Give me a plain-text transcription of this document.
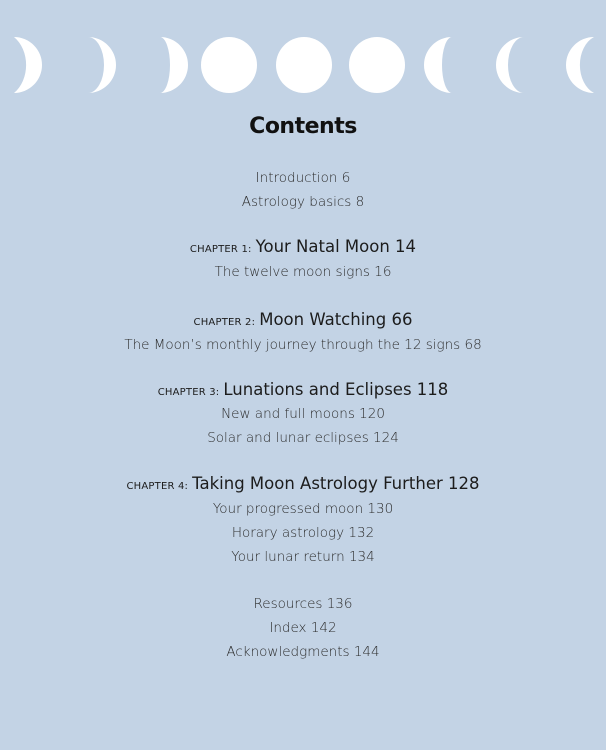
Contents
Introduction 6
Astrology basics 8
CHAPTER 1: Your Natal Moon 14
The twelve moon signs 16
CHAPTER 2: Moon Watching 66
The Moon’s monthly journey through the 12 signs 68
CHAPTER 3: Lunations and Eclipses 118
New and full moons 120
Solar and lunar eclipses 124
CHAPTER 4: Taking Moon Astrology Further 128
Your progressed moon 130
Horary astrology 132
Your lunar return 134
Resources 136
Index 142
Acknowledgments 144
